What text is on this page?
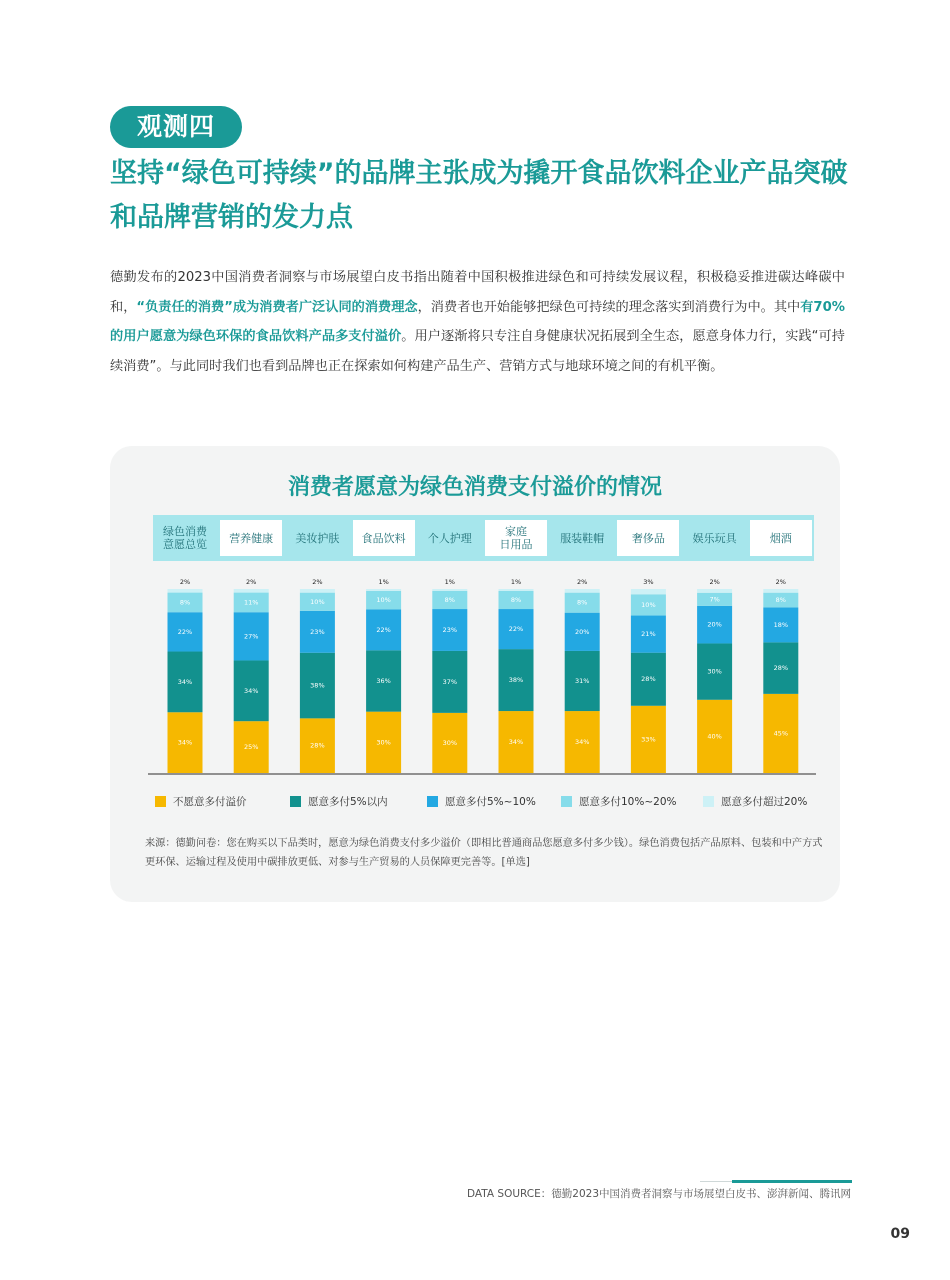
观测四
坚持“绿色可持续”的品牌主张成为撬开食品饮料企业产品突破
和品牌营销的发力点
德勤发布的2023中国消费者洞察与市场展望白皮书指出随着中国积极推进绿色和可持续发展议程，积极稳妥推进碳达峰碳中和，“负责任的消费”成为消费者广泛认同的消费理念，消费者也开始能够把绿色可持续的理念落实到消费行为中。其中有70%的用户愿意为绿色环保的食品饮料产品多支付溢价。用户逐渐将只专注自身健康状况拓展到全生态，愿意身体力行，实践“可持续消费”。与此同时我们也看到品牌也正在探索如何构建产品生产、营销方式与地球环境之间的有机平衡。
消费者愿意为绿色消费支付溢价的情况
绿色消费
意愿总览 营养健康 美妆护肤 食品饮料 个人护理	家庭
日用品	服装鞋帽	奢侈品	娱乐玩具	烟酒
34%
34%
22%
8%
2%
25%
34%
27%
11%
2%
28%
38%
23%
10%
2%
30%
36%
22%
10%
1%
30%
37%
23%
8%
1%
34%
38%
22%
8%
1%
34%
31%
20%
8%
2%
33%
28%
21%
10%
3%
40%
30%
20%
7%
2%
45%
28%
18%
8%
2%
不愿意多付溢价	愿意多付5%以内	愿意多付5%~10%	愿意多付10%~20%	愿意多付超过20%
来源：德勤问卷：您在购买以下品类时，愿意为绿色消费支付多少溢价（即相比普通商品您愿意多付多少钱）。绿色消费包括产品原料、包装和中产方式更环保、运输过程及使用中碳排放更低、对参与生产贸易的人员保障更完善等。[单选]
DATA SOURCE：德勤2023中国消费者洞察与市场展望白皮书、澎湃新闻、腾讯网
09
